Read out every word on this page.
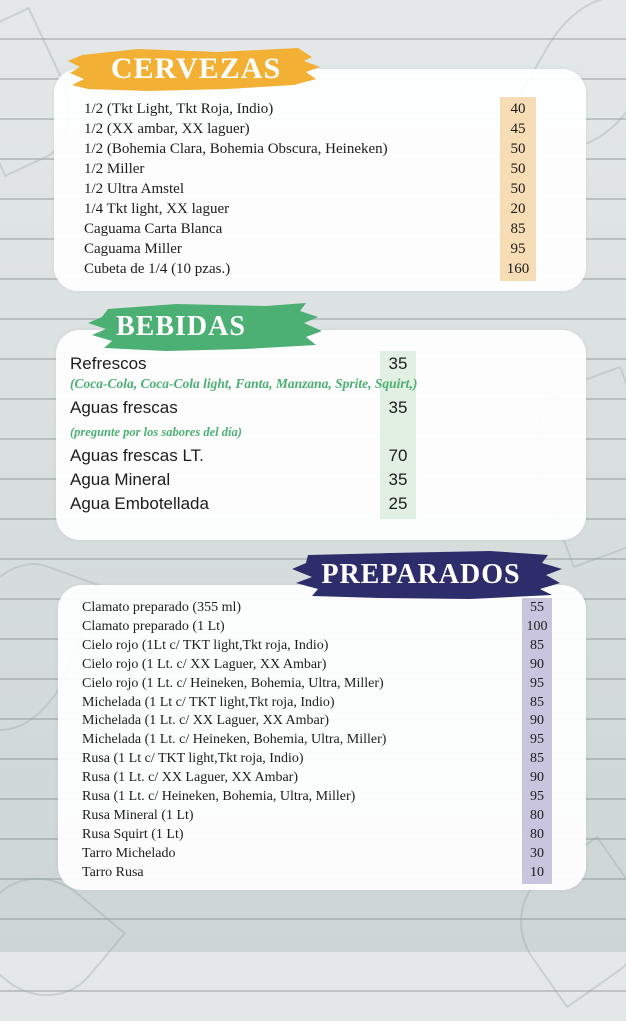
CERVEZAS
1/2 (Tkt Light, Tkt Roja, Indio)	40
1/2 (XX ambar, XX laguer)	45
1/2 (Bohemia Clara, Bohemia Obscura, Heineken)	50
1/2 Miller	50
1/2 Ultra Amstel	50
1/4 Tkt light, XX laguer	20
Caguama Carta Blanca	85
Caguama Miller	95
Cubeta de 1/4 (10 pzas.)	160
BEBIDAS
Refrescos	35
(Coca-Cola, Coca-Cola light, Fanta, Manzana, Sprite, Squirt,)
Aguas frescas	35
(pregunte por los sabores del día)
Aguas frescas LT.	70
Agua Mineral	35
Agua Embotellada	25
PREPARADOS
Clamato preparado (355 ml)	55
Clamato preparado (1 Lt)	100
Cielo rojo (1Lt c/ TKT light,Tkt roja, Indio)	85
Cielo rojo (1 Lt. c/ XX Laguer, XX Ambar)	90
Cielo rojo (1 Lt. c/ Heineken, Bohemia, Ultra, Miller)	95
Michelada (1 Lt c/ TKT light,Tkt roja, Indio)	85
Michelada (1 Lt. c/ XX Laguer, XX Ambar)	90
Michelada (1 Lt. c/ Heineken, Bohemia, Ultra, Miller)	95
Rusa (1 Lt c/ TKT light,Tkt roja, Indio)	85
Rusa (1 Lt. c/ XX Laguer, XX Ambar)	90
Rusa (1 Lt. c/ Heineken, Bohemia, Ultra, Miller)	95
Rusa Mineral (1 Lt)	80
Rusa Squirt (1 Lt)	80
Tarro Michelado	30
Tarro Rusa	10
